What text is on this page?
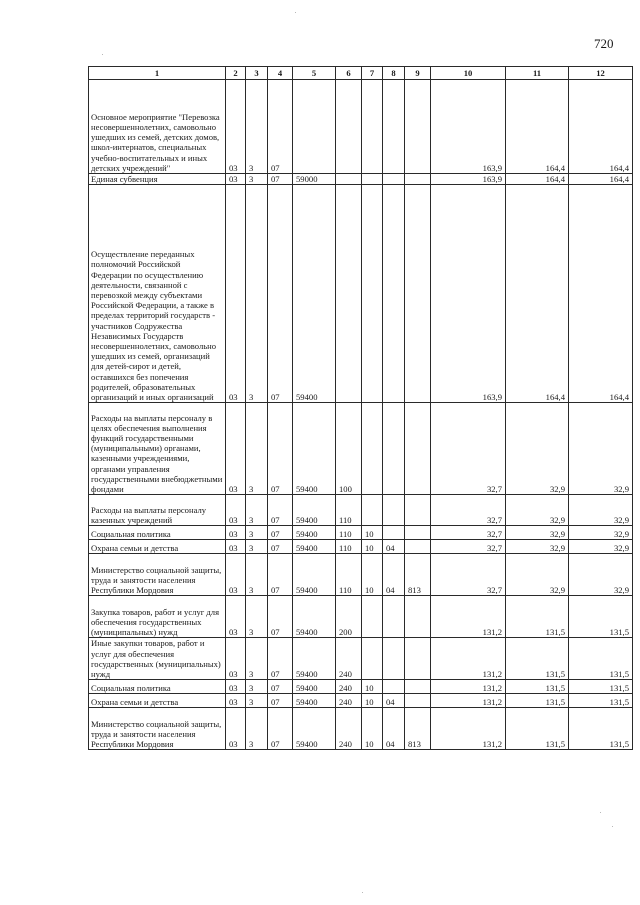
720
1	2	3	4	5	6	7	8	9	10	11	12
Основное мероприятие "Перевозка несовершеннолетних, самовольно ушедших из семей, детских домов, школ-интернатов, специальных учебно-воспитательных и иных детских учреждений"	03	3	07						163,9	164,4	164,4
Единая субвенция	03	3	07	59000					163,9	164,4	164,4
Осуществление переданных полномочий Российской Федерации по осуществлению деятельности, связанной с перевозкой между субъектами Российской Федерации, а также в пределах территорий государств - участников Содружества Независимых Государств несовершеннолетних, самовольно ушедших из семей, организаций для детей-сирот и детей, оставшихся без попечения родителей, образовательных организаций и иных организаций	03	3	07	59400					163,9	164,4	164,4
Расходы на выплаты персоналу в целях обеспечения выполнения функций государственными (муниципальными) органами, казенными учреждениями, органами управления государственными внебюджетными фондами	03	3	07	59400	100				32,7	32,9	32,9
Расходы на выплаты персоналу казенных учреждений	03	3	07	59400	110				32,7	32,9	32,9
Социальная политика	03	3	07	59400	110	10			32,7	32,9	32,9
Охрана семьи и детства	03	3	07	59400	110	10	04		32,7	32,9	32,9
Министерство социальной защиты, труда и занятости населения Республики Мордовия	03	3	07	59400	110	10	04	813	32,7	32,9	32,9
Закупка товаров, работ и услуг для обеспечения государственных (муниципальных) нужд	03	3	07	59400	200				131,2	131,5	131,5
Иные закупки товаров, работ и услуг для обеспечения государственных (муниципальных) нужд	03	3	07	59400	240				131,2	131,5	131,5
Социальная политика	03	3	07	59400	240	10			131,2	131,5	131,5
Охрана семьи и детства	03	3	07	59400	240	10	04		131,2	131,5	131,5
Министерство социальной защиты, труда и занятости населения Республики Мордовия	03	3	07	59400	240	10	04	813	131,2	131,5	131,5
